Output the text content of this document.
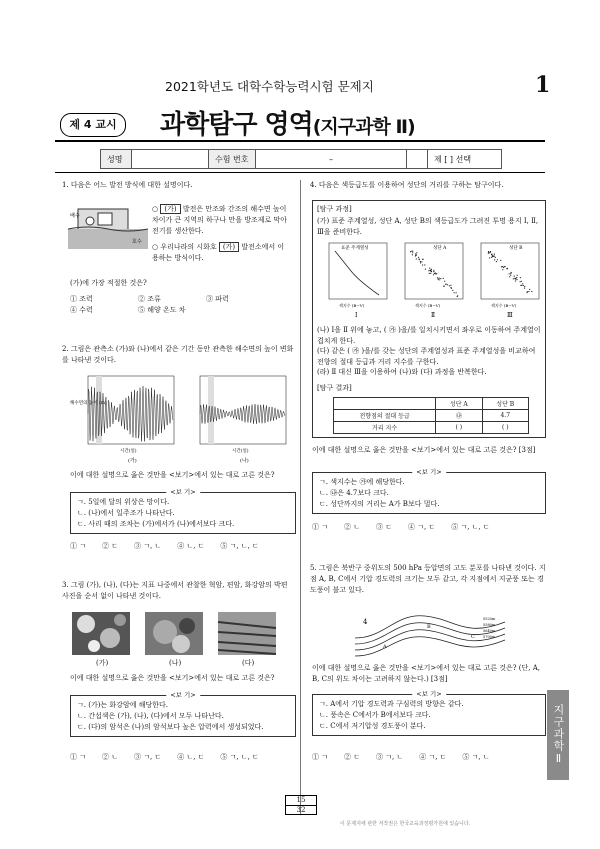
2021학년도 대학수학능력시험 문제지	1
제 4 교시	과학탐구 영역(지구과학 Ⅱ)
성명	수험 번호	–	제 [ ] 선택
1. 다음은 어느 발전 방식에 대한 설명이다.
배수
호수
○ (가) 발전은 만조와 간조의 해수면 높이 차이가 큰 지역의 하구나 만을 방조제로 막아 전기를 생산한다.
○ 우리나라의 시화호 (가) 발전소에서 이용하는 방식이다.
(가)에 가장 적절한 것은?
① 조력	② 조류	③ 파력
④ 수력	⑤ 해양 온도 차
2. 그림은 관측소 (가)와 (나)에서 같은 기간 동안 관측한 해수면의 높이 변화를 나타낸 것이다.
해수면의 높이 (m)
시간(일)
(가)
시간(일)
(나)
이에 대한 설명으로 옳은 것만을 <보기>에서 있는 대로 고른 것은?
<보 기>
ㄱ. 5일에 달의 위상은 망이다.
ㄴ. (나)에서 일주조가 나타난다.
ㄷ. 사리 때의 조차는 (가)에서가 (나)에서보다 크다.
① ㄱ ② ㄷ ③ ㄱ, ㄴ ④ ㄴ, ㄷ ⑤ ㄱ, ㄴ, ㄷ
3. 그림 (가), (나), (다)는 지표 나중에서 관찰한 혁암, 편암, 화강암의 박편 사진을 순서 없이 나타낸 것이다.
(가)	(나)	(다)
이에 대한 설명으로 옳은 것만을 <보기>에서 있는 대로 고른 것은?
<보 기>
ㄱ. (가)는 화강암에 해당한다.
ㄴ. 간섭색은 (가), (나), (다)에서 모두 나타난다.
ㄷ. (다)의 암석은 (나)의 암석보다 높은 압력에서 생성되었다.
① ㄱ ② ㄴ ③ ㄱ, ㄷ ④ ㄴ, ㄷ ⑤ ㄱ, ㄴ, ㄷ
4. 다음은 색등급도를 이용하여 성단의 거리를 구하는 탐구이다.
[탐구 과정]
(가) 표준 주계열성, 성단 A, 성단 B의 색등급도가 그려진 투명 용지 Ⅰ, Ⅱ, Ⅲ을 준비한다.
표준 주계열성
Ⅰ
색지수 (B−V)
성단 A
Ⅱ
색지수 (B−V)
성단 B
Ⅲ
색지수 (B−V)
(나) Ⅰ을 Ⅱ 위에 놓고, ( ㉮ )을/를 일치시키면서 좌우로 이동하여 주계열이 겹치게 한다.
(다) 같은 ( ㉮ )을/를 갖는 성단의 주계열성과 표준 주계열성을 비교하여 전향의 절대 등급과 거리 지수를 구한다.
(라) Ⅱ 대신 Ⅲ을 이용하여 (나)와 (다) 과정을 반복한다.
[탐구 결과]
	성단 A	성단 B
전향점의 절대 등급	㉯	4.7
거리 지수	( )	( )
이에 대한 설명으로 옳은 것만을 <보기>에서 있는 대로 고른 것은? [3점]
<보 기>
ㄱ. 색지수는 ㉮에 해당한다.
ㄴ. ㉯은 4.7보다 크다.
ㄷ. 성단까지의 거리는 A가 B보다 멀다.
① ㄱ ② ㄴ ③ ㄷ ④ ㄱ, ㄷ ⑤ ㄱ, ㄴ, ㄷ
5. 그림은 북반구 중위도의 500 hPa 등압면의 고도 분포를 나타낸 것이다. 지점 A, B, C에서 기압 경도력의 크기는 모두 같고, 각 지점에서 지균풍 또는 경도풍이 불고 있다.
4
A
B
C
5520m
5580m
5640m
5700m
이에 대한 설명으로 옳은 것만을 <보기>에서 있는 대로 고른 것은? (단, A, B, C의 위도 차이는 고려하지 않는다.) [3점]
<보 기>
ㄱ. A에서 기압 경도력과 구심력의 방향은 같다.
ㄴ. 풍속은 C에서가 B에서보다 크다.
ㄷ. C에서 저기압성 경도풍이 분다.
① ㄱ ② ㄷ ③ ㄱ, ㄴ ④ ㄱ, ㄷ ⑤ ㄱ, ㄴ	지구과학Ⅱ
15
32
이 문제지에 관한 저작권은 한국교육과정평가원에 있습니다.
